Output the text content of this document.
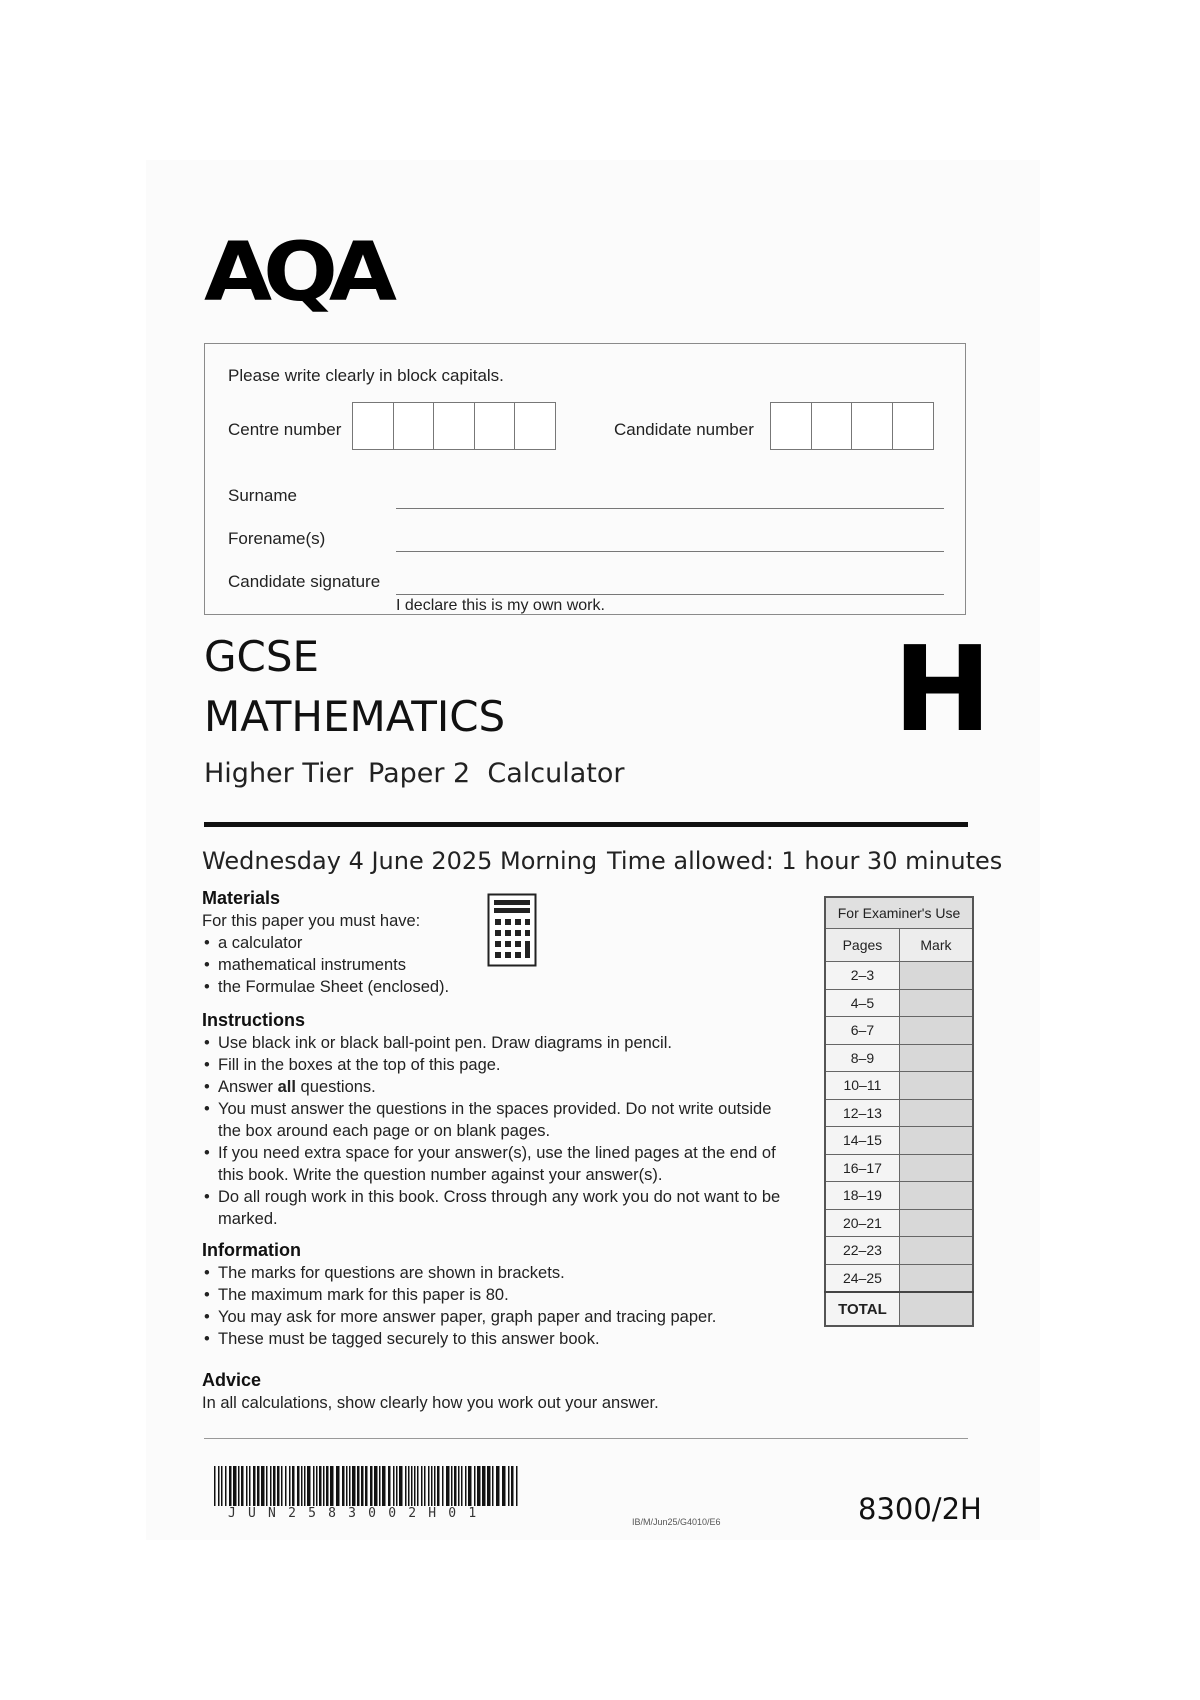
AQA
Please write clearly in block capitals.
Centre number	Candidate number
Surname
Forename(s)
Candidate signature
I declare this is my own work.
GCSE
MATHEMATICS
Higher Tier Paper 2  Calculator
H
Wednesday 4 June 2025 Morning Time allowed: 1 hour 30 minutes
Materials
For this paper you must have:
• a calculator
• mathematical instruments
• the Formulae Sheet (enclosed).
Instructions
• Use black ink or black ball-point pen. Draw diagrams in pencil.
• Fill in the boxes at the top of this page.
• Answer all questions.
• You must answer the questions in the spaces provided. Do not write outside the box around each page or on blank pages.
• If you need extra space for your answer(s), use the lined pages at the end of this book. Write the question number against your answer(s).
• Do all rough work in this book. Cross through any work you do not want to be marked.
Information
• The marks for questions are shown in brackets.
• The maximum mark for this paper is 80.
• You may ask for more answer paper, graph paper and tracing paper.
• These must be tagged securely to this answer book.
Advice
In all calculations, show clearly how you work out your answer.
For Examiner's Use	
Pages	Mark
2–3	
4–5	
6–7	
8–9	
10–11	
12–13	
14–15	
16–17	
18–19	
20–21	
22–23	
24–25	
TOTAL	
JUN2583002H01
IB/M/Jun25/G4010/E6	8300/2H
